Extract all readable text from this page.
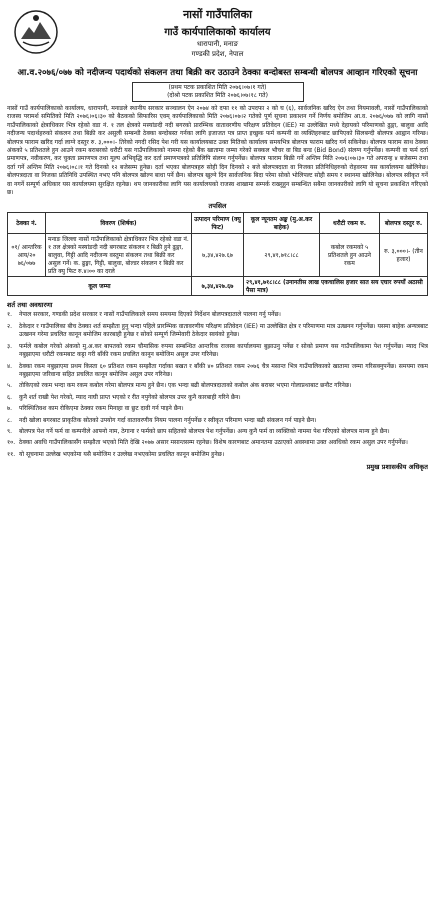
नासों गाउँपालिका
गाउँ कार्यपालिकाको कार्यालय
धारापानी, मनाङ
गण्डकी प्रदेश, नेपाल
आ.व.२०७६/०७७ को नदीजन्य पदार्थको संकलन तथा बिक्री कर उठाउने ठेक्का बन्दोबस्त सम्बन्धी बोलपत्र आव्हान गरिएको सूचना
(प्रथम पटक प्रकाशित मिति २०७६।०७।१ गते)
(दोश्रो पटक प्रकाशित मिति २०७६।०७।१८ गते)
नासों गाउँ कार्यपालिकाको कार्यालय, धारापानी, मनाङले स्थानीय सरकार सञ्चालन ऐन २०७४ को दफा ११ को उपदफा २ को घ (६), सार्वजनिक खरिद ऐन तथा नियमावली, नासों गाउँपालिकाको राजस्व परामर्श समितिको मिति २०७६।०६।३० को बैठकको सिफारिस एवम् कार्यपालिकाको मिति २०७६।०७।२ गतेको पूर्ण सूचना प्रकाशन गर्ने निर्णय बमोजिम आ.व. २०७६/०७७ को लागि नासों गाउँपालिकाको क्षेत्राधिकार भित्र रहेको वडा नं. १ तल क्षेत्रको मस्यांङदी नदी बगरको प्रारम्भिक वातावरणीय परिक्षण प्रतिवेदन (IEE) मा उल्लेखित मध्ये देहायको परिमाणको ढुङ्गा, बालुवा आदि नदीजन्य पदार्थहरुको संकलन तथा बिक्री कर असुली सम्बन्धी ठेक्का बन्दोबस्त गर्नका लागि इजाजत पत्र प्राप्त इच्छुक फर्म कम्पनी वा व्यक्तिहरुबाट छापिएको सिलबन्दी बोलपत्र आह्वान गरिन्छ। बोलपत्र फाराम खरिद गर्दा लाग्ने दस्तुर रु. ३,०००।- तिरेको नगदी रसिद पेश गरी यस कार्यालयबाट उक्त मितिको कार्यालय समयभित्र बोलपत्र फाराम खरिद गर्न सकिनेछ। बोलपत्र फाराम साथ ठेक्का अंकको ५ प्रतिशतले हुन आउने रकम बराबरको धरौटी यस गाउँपालिकाको नाममा रहेको बैंक खातामा जम्मा गरेको सक्कल भौचर वा बिड बन्ड (Bid Bond) संलग्न गर्नुपर्नेछ। कम्पनी वा फर्म दर्ता प्रमाणपत्र, नवीकरण, कर चुक्ता प्रमाणपत्र तथा मूल्य अभिवृद्धि कर दर्ता प्रमाणपत्रको प्रतिलिपि संलग्न गर्नुपर्नेछ। बोलपत्र फाराम बिक्री गर्ने अन्तिम मिति २०७६।०७।३० गते अपरान्ह ४ बजेसम्म तथा दर्ता गर्ने अन्तिम मिति २०७६।०८।१ गते दिनको १२ बजेसम्म हुनेछ। दर्ता भएका बोलपत्रहरु सोही दिन दिनको २ बजे बोलपत्रदाता वा निजका प्रतिनिधिहरुको रोहवरमा यस कार्यालयमा खोलिनेछ। बोलपत्रदाता वा निजका प्रतिनिधि उपस्थित नभए पनि बोलपत्र खोल्न बाधा पर्ने छैन। बोलपत्र खुल्ने दिन सार्वजनिक बिदा परेमा सोको भोलिपल्ट सोही समय र स्थानमा खोलिनेछ। बोलपत्र स्वीकृत गर्ने वा नगर्ने सम्पूर्ण अधिकार यस कार्यालयमा सुरक्षित रहनेछ। थप जानकारीका लागि यस कार्यालयको राजस्व शाखामा सम्पर्क राख्नुहुन सम्बन्धित सबैमा जानकारीको लागि यो सूचना प्रकाशित गरिएको छ।
तपसिल
ठेक्का नं.	विवरण (शिर्षक)	उत्पादन परिमाण (क्यु फिट)	कूल न्यूनतम अङ्क (मु.अ.कर बाहेक)	धरौटी रकम रु.	बोलपत्र दस्तुर रु.
०१/ आन्तरिक आय/२० ७६/०७७	मनाङ जिल्ला नासों गाउँपालिकाको क्षेत्राधिकार भित्र रहेको वडा नं. १ तल क्षेत्रको मस्यांङदी नदी बगरबाट संकलन र बिक्री हुने ढुङ्गा, बालुवा, गिट्टी आदि नदीजन्य वस्तुमा संकलन तथा बिक्री कर असुल गर्ने। क. ढुङ्गा, गिट्टी, बालुवा, बोल्डर संकलन र बिक्री कर प्रति क्यु फिट रु.४।०० का दरले	७,३४,४२७.६७	२९,४१,७१८।८८	कबोल रकमको ५ प्रतिशतले हुन आउने रकम	रु. ३,०००।- (तीन हजार)
कूल जम्मा		७,३४,४२७.६७	२९,४१,७१८।८८ (उनानतीस लाख एकचालिस हजार सात सय एघार रुपयाँ अठासी पैसा मात्र)		
शर्त तथा अवधारणा
१.	नेपाल सरकार, गण्डकी प्रदेश सरकार र नासों गाउँपालिकाले समय समयमा दिएको निर्देशन बोलपत्रदाताले पालना गर्नु पर्नेछ।
२.	ठेकेदार र गाउँपालिका बीच ठेक्का शर्त सम्झौता हुनु भन्दा पहिले प्रारम्भिक वातावरणीय परिक्षण प्रतिवेदन (IEE) मा उल्लेखित क्षेत्र र परिमाणमा मात्र उत्खनन गर्नुपर्नेछ। यसमा बाहेक अन्यत्रबाट उत्खनन गरेमा प्रचलित कानून बमोजिम कारबाही हुनेछ र सोको सम्पूर्ण जिम्मेवारी ठेकेदार स्वयंको हुनेछ।
३.	फर्मले कबोल गरेको अंकको मु.अ.कर बापतको रकम चौमासिक रुपमा सम्बन्धित आन्तरिक राजस्व कार्यालयमा बुझाउनु पर्नेछ र सोको प्रमाण यस गाउँपालिकामा पेश गर्नुपर्नेछ। म्याद भित्र नबुझाएमा धरौटी रकमबाट कट्टा गरी बाँकी रकम प्रचलित कानून बमोजिम असुल उपर गरिनेछ।
४.	ठेक्का रकम नबुझाएमा प्रथम किस्ता ६० प्रतिशत रकम सम्झौता गर्दाका बखत र बाँकी ४० प्रतिशत रकम २०७६ चैत्र मसान्त भित्र गाउँपालिकाको खातामा जम्मा गरिसक्नुपर्नेछ। समयमा रकम नबुझाएमा जरिवाना सहित प्रचलित कानून बमोजिम असुल उपर गरिनेछ।
५.	तोकिएको रकम भन्दा कम रकम कबोल गरेमा बोलपत्र मान्य हुने छैन। एक भन्दा बढी बोलपत्रदाताको कबोल अंक बराबर भएमा गोलाप्रथाबाट छनौट गरिनेछ।
६.	कुनै शर्त राखी पेश गरेको, म्याद नाघी प्राप्त भएको र रीत नपुगेको बोलपत्र उपर कुनै कारबाही गरिने छैन।
७.	परिस्थितिवश काम रोकिएमा ठेक्का रकम मिनाहा वा छुट दावी गर्न पाइने छैन।
८.	नदी खोला बगरबाट प्राकृतिक स्रोतको उपयोग गर्दा वातावरणीय नियम पालना गर्नुपर्नेछ र स्वीकृत परिमाण भन्दा बढी संकलन गर्न पाइने छैन।
९.	बोलपत्र पेश गर्ने फर्म वा कम्पनीले आफ्नो नाम, ठेगाना र फर्मको छाप सहितको बोलपत्र पेश गर्नुपर्नेछ। अन्य कुनै फर्म वा व्यक्तिको नाममा पेश गरिएको बोलपत्र मान्य हुने छैन।
१०. ठेक्का अवधि गाउँपालिकासँग सम्झौता भएको मिति देखि २०७७ असार मसान्तसम्म रहनेछ। विशेष कारणबाट अमानतमा उठाएको अवस्थामा उक्त अवधिको रकम असुल उपर गर्नुपर्नेछ।
११. यो सूचनामा उल्लेख भएकोमा यसै बमोजिम र उल्लेख नभएकोमा प्रचलित कानून बमोजिम हुनेछ।
प्रमुख प्रशासकीय अधिकृत
